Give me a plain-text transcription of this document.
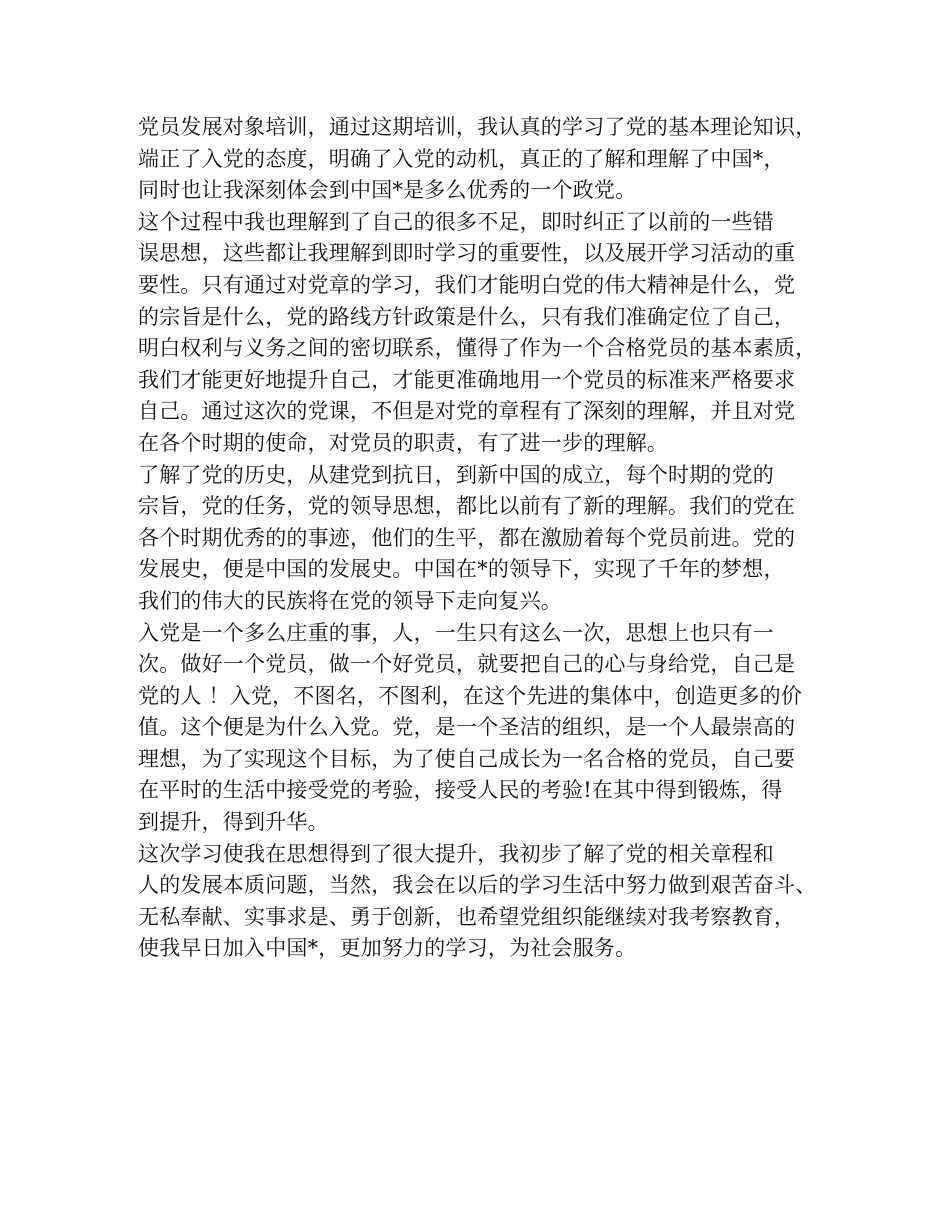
党员发展对象培训，通过这期培训，我认真的学习了党的基本理论知识，
端正了入党的态度，明确了入党的动机，真正的了解和理解了中国*，
同时也让我深刻体会到中国*是多么优秀的一个政党。
这个过程中我也理解到了自己的很多不足，即时纠正了以前的一些错
误思想，这些都让我理解到即时学习的重要性，以及展开学习活动的重
要性。只有通过对党章的学习，我们才能明白党的伟大精神是什么，党
的宗旨是什么，党的路线方针政策是什么，只有我们准确定位了自己，
明白权利与义务之间的密切联系，懂得了作为一个合格党员的基本素质，
我们才能更好地提升自己，才能更准确地用一个党员的标准来严格要求
自己。通过这次的党课，不但是对党的章程有了深刻的理解，并且对党
在各个时期的使命，对党员的职责，有了进一步的理解。
了解了党的历史，从建党到抗日，到新中国的成立，每个时期的党的
宗旨，党的任务，党的领导思想，都比以前有了新的理解。我们的党在
各个时期优秀的的事迹，他们的生平，都在激励着每个党员前进。党的
发展史，便是中国的发展史。中国在*的领导下，实现了千年的梦想，
我们的伟大的民族将在党的领导下走向复兴。
入党是一个多么庄重的事，人，一生只有这么一次，思想上也只有一
次。做好一个党员，做一个好党员，就要把自己的心与身给党，自己是
党的人 ！入党，不图名，不图利，在这个先进的集体中，创造更多的价
值。这个便是为什么入党。党，是一个圣洁的组织，是一个人最崇高的
理想，为了实现这个目标，为了使自己成长为一名合格的党员，自己要
在平时的生活中接受党的考验，接受人民的考验!在其中得到锻炼，得
到提升，得到升华。
这次学习使我在思想得到了很大提升，我初步了解了党的相关章程和
人的发展本质问题，当然，我会在以后的学习生活中努力做到艰苦奋斗、
无私奉献、实事求是、勇于创新，也希望党组织能继续对我考察教育，
使我早日加入中国*，更加努力的学习，为社会服务。
